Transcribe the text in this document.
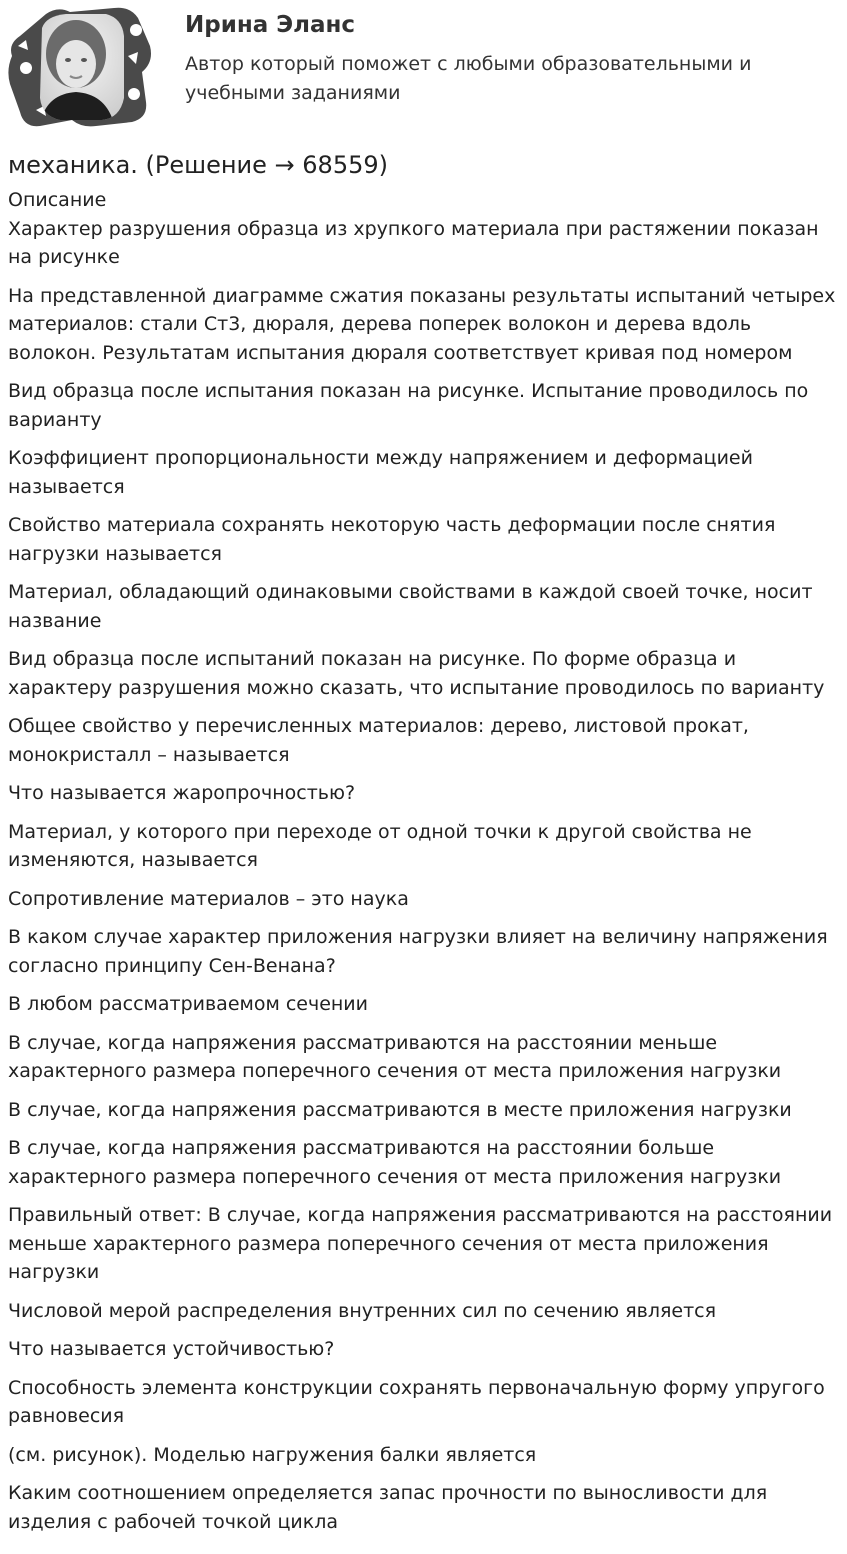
Ирина Эланс
Автор который поможет с любыми образовательными и учебными заданиями
механика. (Решение → 68559)
Описание

Характер разрушения образца из хрупкого материала при растяжении показан на рисунке

На представленной диаграмме сжатия показаны результаты испытаний четырех материалов: стали Ст3, дюраля, дерева поперек волокон и дерева вдоль волокон. Результатам испытания дюраля соответствует кривая под номером

Вид образца после испытания показан на рисунке. Испытание проводилось по варианту

Коэффициент пропорциональности между напряжением и деформацией называется

Свойство материала сохранять некоторую часть деформации после снятия нагрузки называется

Материал, обладающий одинаковыми свойствами в каждой своей точке, носит название

Вид образца после испытаний показан на рисунке. По форме образца и характеру разрушения можно сказать, что испытание проводилось по варианту

Общее свойство у перечисленных материалов: дерево, листовой прокат, монокристалл – называется

Что называется жаропрочностью?

Материал, у которого при переходе от одной точки к другой свойства не изменяются, называется

Сопротивление материалов – это наука

В каком случае характер приложения нагрузки влияет на величину напряжения согласно принципу Сен-Венана?

В любом рассматриваемом сечении

В случае, когда напряжения рассматриваются на расстоянии меньше характерного размера поперечного сечения от места приложения нагрузки

В случае, когда напряжения рассматриваются в месте приложения нагрузки

В случае, когда напряжения рассматриваются на расстоянии больше характерного размера поперечного сечения от места приложения нагрузки

Правильный ответ: В случае, когда напряжения рассматриваются на расстоянии меньше характерного размера поперечного сечения от места приложения нагрузки

Числовой мерой распределения внутренних сил по сечению является

Что называется устойчивостью?

Способность элемента конструкции сохранять первоначальную форму упругого равновесия

(см. рисунок). Моделью нагружения балки является

Каким соотношением определяется запас прочности по выносливости для изделия с рабочей точкой цикла
